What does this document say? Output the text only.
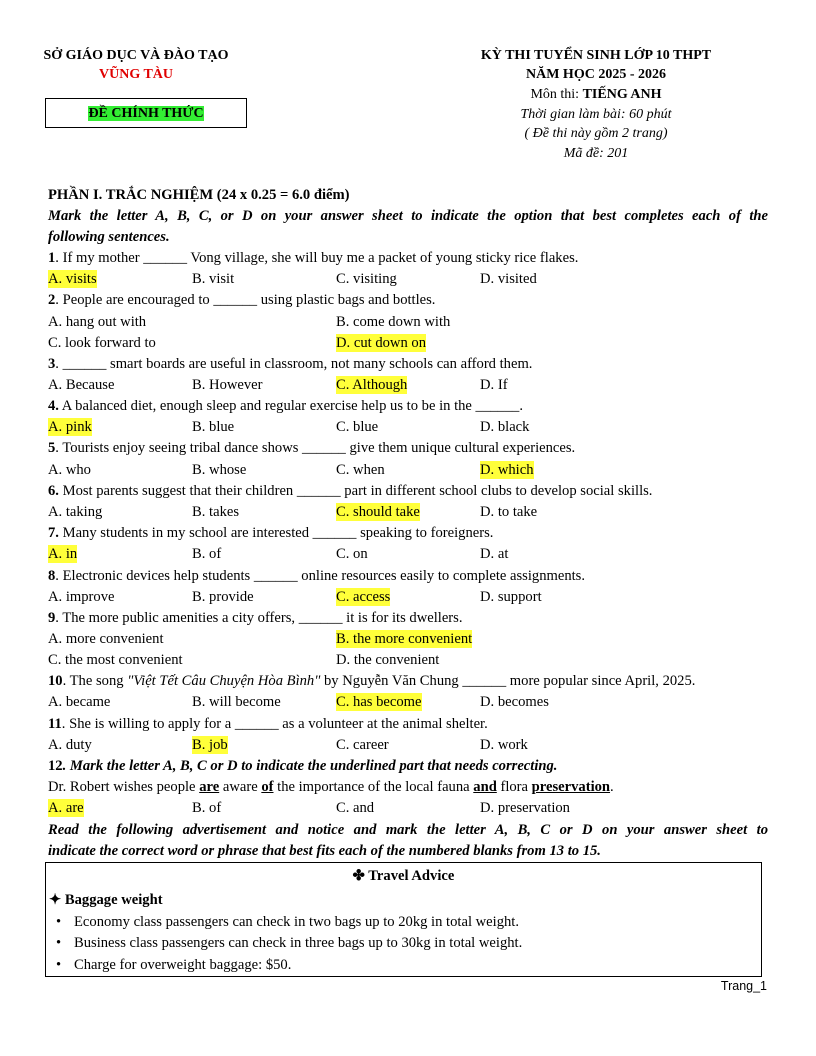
SỞ GIÁO DỤC VÀ ĐÀO TẠO
VŨNG TÀU
ĐỀ CHÍNH THỨC
KỲ THI TUYỂN SINH LỚP 10 THPT
NĂM HỌC 2025 - 2026
Môn thi: TIẾNG ANH
Thời gian làm bài: 60 phút
( Đề thi này gồm 2 trang)
Mã đề: 201
PHẦN I. TRẮC NGHIỆM (24 x 0.25 = 6.0 điểm)
Mark the letter A, B, C, or D on your answer sheet to indicate the option that best completes each of the
following sentences.
1. If my mother ______ Vong village, she will buy me a packet of young sticky rice flakes.
A. visits	B. visit	C. visiting	D. visited
2. People are encouraged to ______ using plastic bags and bottles.
A. hang out with	B. come down with
C. look forward to	D. cut down on
3. ______ smart boards are useful in classroom, not many schools can afford them.
A. Because	B. However	C. Although	D. If
4. A balanced diet, enough sleep and regular exercise help us to be in the ______.
A. pink	B. blue	C. blue	D. black
5. Tourists enjoy seeing tribal dance shows ______ give them unique cultural experiences.
A. who	B. whose	C. when	D. which
6. Most parents suggest that their children ______ part in different school clubs to develop social skills.
A. taking	B. takes	C. should take	D. to take
7. Many students in my school are interested ______ speaking to foreigners.
A. in	B. of	C. on	D. at
8. Electronic devices help students ______ online resources easily to complete assignments.
A. improve	B. provide	C. access	D. support
9. The more public amenities a city offers, ______ it is for its dwellers.
A. more convenient	B. the more convenient
C. the most convenient	D. the convenient
10. The song "Việt Tết Câu Chuyện Hòa Bình" by Nguyễn Văn Chung ______ more popular since April, 2025.
A. became	B. will become	C. has become	D. becomes
11. She is willing to apply for a ______ as a volunteer at the animal shelter.
A. duty	B. job	C. career	D. work
12. Mark the letter A, B, C or D to indicate the underlined part that needs correcting.
Dr. Robert wishes people are aware of the importance of the local fauna and flora preservation.
A. are	B. of	C. and	D. preservation
Read the following advertisement and notice and mark the letter A, B, C or D on your answer sheet to
indicate the correct word or phrase that best fits each of the numbered blanks from 13 to 15.
✤ Travel Advice
✦ Baggage weight
• Economy class passengers can check in two bags up to 20kg in total weight.
• Business class passengers can check in three bags up to 30kg in total weight.
• Charge for overweight baggage: $50.
Trang_1
